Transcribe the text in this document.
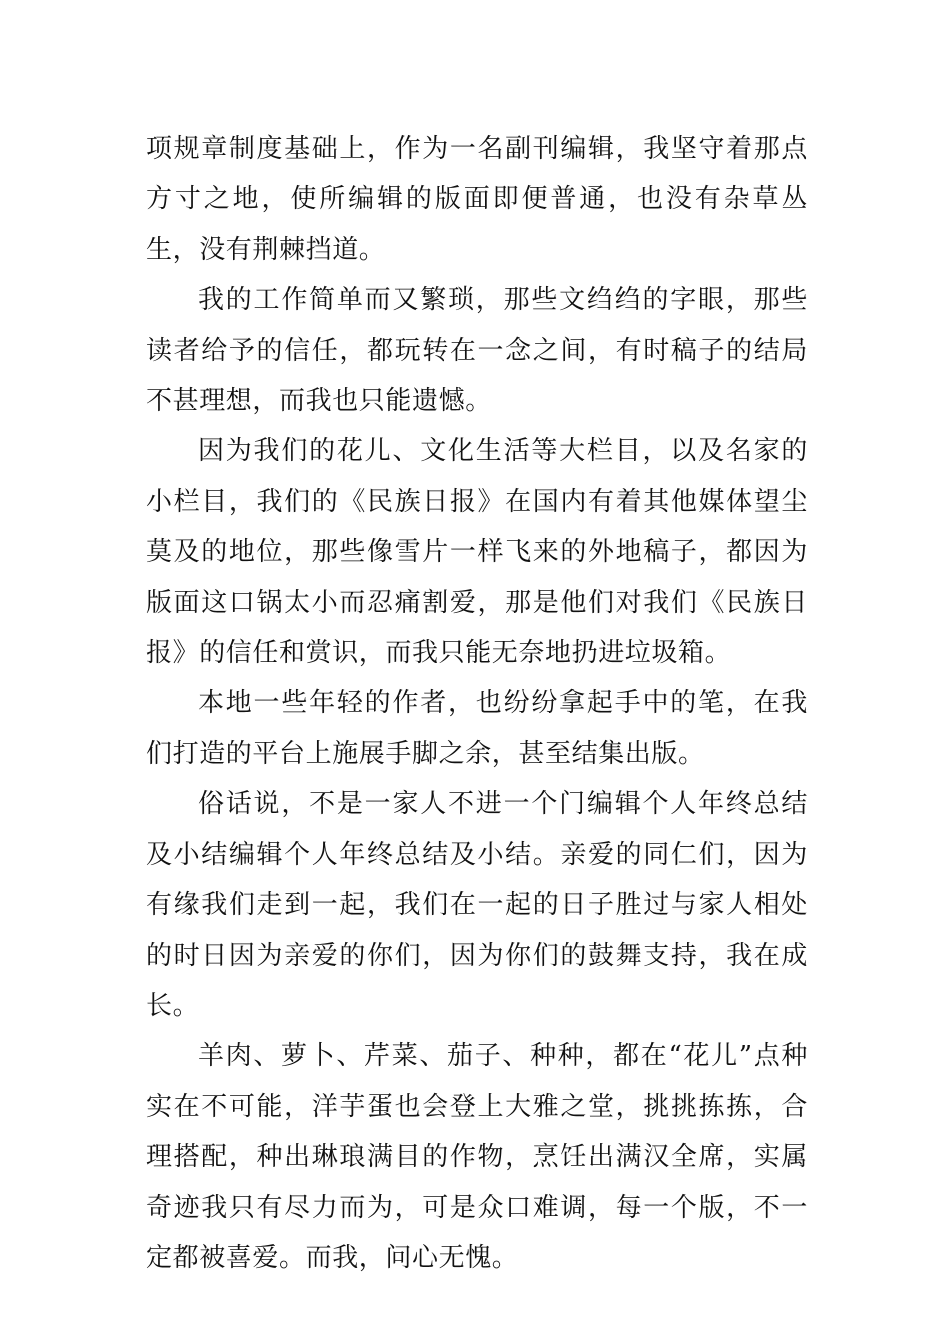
项规章制度基础上，作为一名副刊编辑，我坚守着那点方寸之地，使所编辑的版面即便普通，也没有杂草丛生，没有荆棘挡道。

我的工作简单而又繁琐，那些文绉绉的字眼，那些读者给予的信任，都玩转在一念之间，有时稿子的结局不甚理想，而我也只能遗憾。

因为我们的花儿、文化生活等大栏目，以及名家的小栏目，我们的《民族日报》在国内有着其他媒体望尘莫及的地位，那些像雪片一样飞来的外地稿子，都因为版面这口锅太小而忍痛割爱，那是他们对我们《民族日报》的信任和赏识，而我只能无奈地扔进垃圾箱。

本地一些年轻的作者，也纷纷拿起手中的笔，在我们打造的平台上施展手脚之余，甚至结集出版。

俗话说，不是一家人不进一个门编辑个人年终总结及小结编辑个人年终总结及小结。亲爱的同仁们，因为有缘我们走到一起，我们在一起的日子胜过与家人相处的时日因为亲爱的你们，因为你们的鼓舞支持，我在成长。

羊肉、萝卜、芹菜、茄子、种种，都在“花儿”点种实在不可能，洋芋蛋也会登上大雅之堂，挑挑拣拣，合理搭配，种出琳琅满目的作物，烹饪出满汉全席，实属奇迹我只有尽力而为，可是众口难调，每一个版，不一定都被喜爱。而我，问心无愧。
